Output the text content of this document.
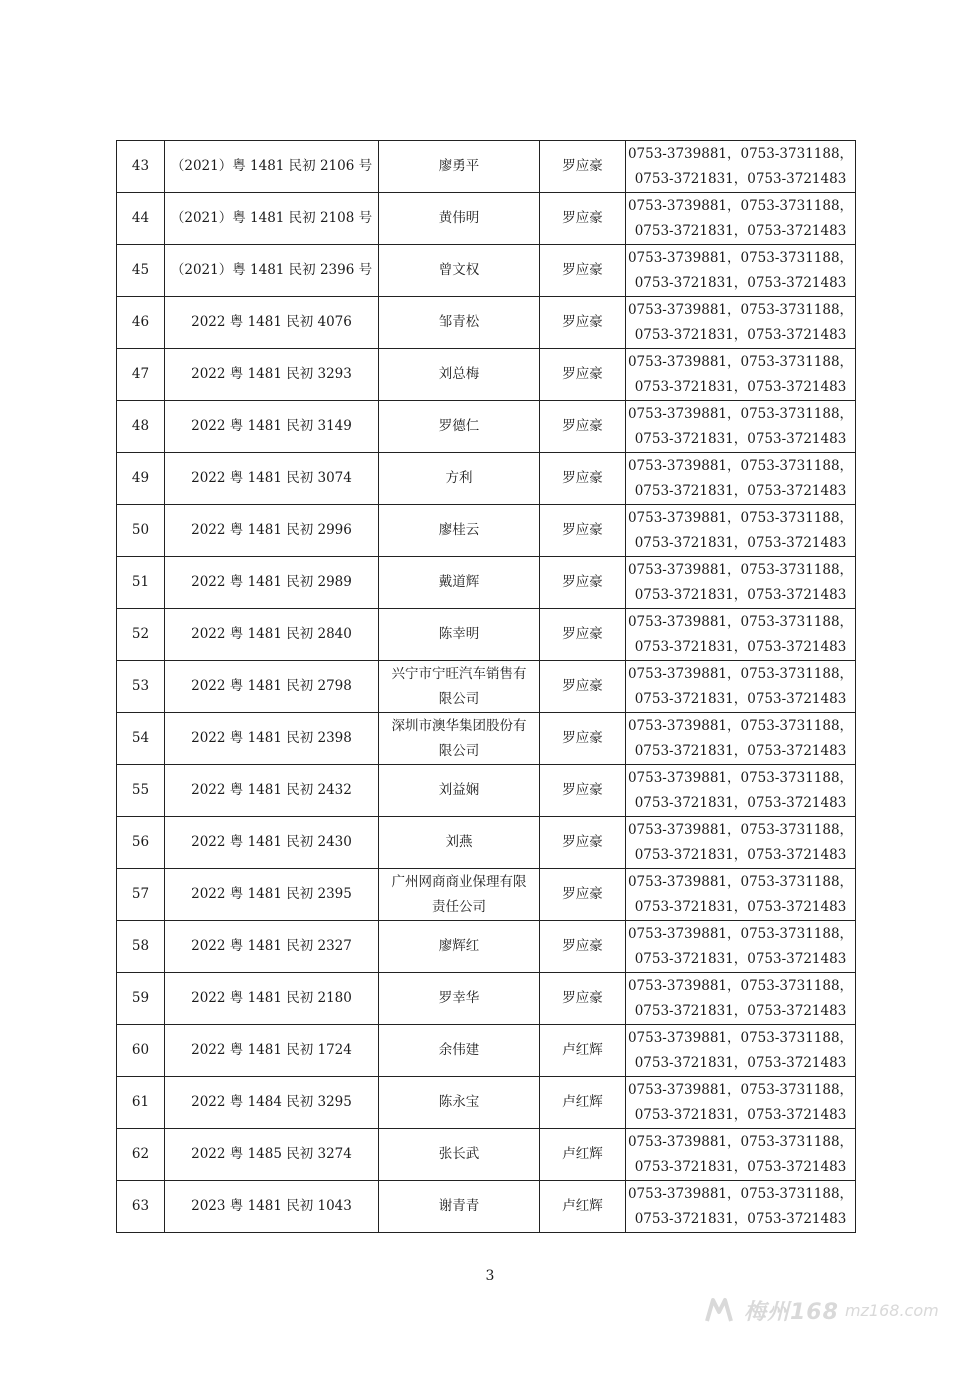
43	（2021）粤 1481 民初 2106 号	廖勇平	罗应豪	0753-3739881，0753-3731188，
0753-3721831，0753-3721483

44	（2021）粤 1481 民初 2108 号	黄伟明	罗应豪	0753-3739881，0753-3731188，
0753-3721831，0753-3721483

45	（2021）粤 1481 民初 2396 号	曾文权	罗应豪	0753-3739881，0753-3731188，
0753-3721831，0753-3721483

46	2022 粤 1481 民初 4076	邹青松	罗应豪	0753-3739881，0753-3731188，
0753-3721831，0753-3721483

47	2022 粤 1481 民初 3293	刘总梅	罗应豪	0753-3739881，0753-3731188，
0753-3721831，0753-3721483

48	2022 粤 1481 民初 3149	罗德仁	罗应豪	0753-3739881，0753-3731188，
0753-3721831，0753-3721483

49	2022 粤 1481 民初 3074	方利	罗应豪	0753-3739881，0753-3731188，
0753-3721831，0753-3721483

50	2022 粤 1481 民初 2996	廖桂云	罗应豪	0753-3739881，0753-3731188，
0753-3721831，0753-3721483

51	2022 粤 1481 民初 2989	戴道辉	罗应豪	0753-3739881，0753-3731188，
0753-3721831，0753-3721483

52	2022 粤 1481 民初 2840	陈幸明	罗应豪	0753-3739881，0753-3731188，
0753-3721831，0753-3721483

53	2022 粤 1481 民初 2798	兴宁市宁旺汽车销售有限公司	罗应豪	0753-3739881，0753-3731188，
0753-3721831，0753-3721483

54	2022 粤 1481 民初 2398	深圳市澳华集团股份有限公司	罗应豪	0753-3739881，0753-3731188，
0753-3721831，0753-3721483

55	2022 粤 1481 民初 2432	刘益娴	罗应豪	0753-3739881，0753-3731188，
0753-3721831，0753-3721483

56	2022 粤 1481 民初 2430	刘燕	罗应豪	0753-3739881，0753-3731188，
0753-3721831，0753-3721483

57	2022 粤 1481 民初 2395	广州网商商业保理有限责任公司	罗应豪	0753-3739881，0753-3731188，
0753-3721831，0753-3721483

58	2022 粤 1481 民初 2327	廖辉红	罗应豪	0753-3739881，0753-3731188，
0753-3721831，0753-3721483

59	2022 粤 1481 民初 2180	罗幸华	罗应豪	0753-3739881，0753-3731188，
0753-3721831，0753-3721483

60	2022 粤 1481 民初 1724	余伟建	卢红辉	0753-3739881，0753-3731188，
0753-3721831，0753-3721483

61	2022 粤 1484 民初 3295	陈永宝	卢红辉	0753-3739881，0753-3731188，
0753-3721831，0753-3721483

62	2022 粤 1485 民初 3274	张长武	卢红辉	0753-3739881，0753-3731188，
0753-3721831，0753-3721483

63	2023 粤 1481 民初 1043	谢青青	卢红辉	0753-3739881，0753-3731188，
0753-3721831，0753-3721483
3
梅州168 mz168.com
